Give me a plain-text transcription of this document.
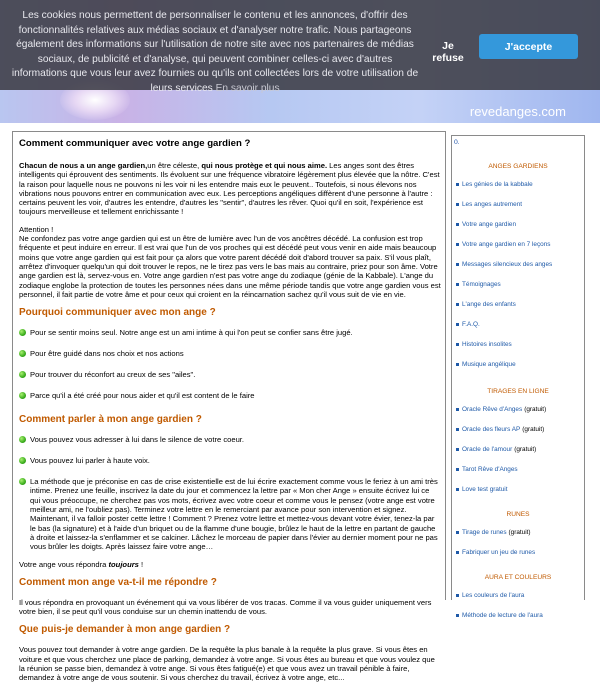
revedanges.com
Les cookies nous permettent de personnaliser le contenu et les annonces, d'offrir des fonctionnalités relatives aux médias sociaux et d'analyser notre trafic. Nous partageons également des informations sur l'utilisation de notre site avec nos partenaires de médias sociaux, de publicité et d'analyse, qui peuvent combiner celles-ci avec d'autres informations que vous leur avez fournies ou qu'ils ont collectées lors de votre utilisation de leurs services En savoir plus
Je refuse
J'accepte
Comment communiquer avec votre ange gardien ?
Chacun de nous a un ange gardien,un être céleste, qui nous protège et qui nous aime. Les anges sont des êtres intelligents qui éprouvent des sentiments. Ils évoluent sur une fréquence vibratoire légèrement plus élevée que la nôtre. C'est la raison pour laquelle nous ne pouvons ni les voir ni les entendre mais eux le peuvent.. Toutefois, si nous élevons nos vibrations nous pouvons entrer en communication avec eux. Les perceptions angéliques diffèrent d'une personne à l'autre : certains peuvent les voir, d'autres les entendre, d'autres les "sentir", d'autres les rêver. Quoi qu'il en soit, l'expérience est toujours merveilleuse et tellement enrichissante !
Attention !
Ne confondez pas votre ange gardien qui est un être de lumière avec l'un de vos ancêtres décédé. La confusion est trop fréquente et peut induire en erreur. Il est vrai que l'un de vos proches qui est décédé peut vous venir en aide mais beaucoup moins que votre ange gardien qui est fait pour ça alors que votre parent décédé doit d'abord trouver sa paix. S'il vous plaît, arrêtez d'invoquer quelqu'un qui doit trouver le repos, ne le tirez pas vers le bas mais au contraire, priez pour son âme. Votre ange gardien est là, servez-vous en. Votre ange gardien n'est pas votre ange du zodiaque (génie de la Kabbale). L'ange du zodiaque englobe la protection de toutes les personnes nées dans une même période tandis que votre ange gardien vous est personnel, il fait partie de votre âme et pour ceux qui croient en la réincarnation sachez qu'il vous suit de vie en vie.
Pourquoi communiquer avec mon ange ?
Pour se sentir moins seul. Notre ange est un ami intime à qui l'on peut se confier sans être jugé.
Pour être guidé dans nos choix et nos actions
Pour trouver du réconfort au creux de ses "ailes".
Parce qu'il a été créé pour nous aider et qu'il est content de le faire
Comment parler à mon ange gardien ?
Vous pouvez vous adresser à lui dans le silence de votre coeur.
Vous pouvez lui parler à haute voix.
La méthode que je préconise en cas de crise existentielle est de lui écrire exactement comme vous le feriez à un ami très intime. Prenez une feuille, inscrivez la date du jour et commencez la lettre par « Mon cher Ange » ensuite écrivez lui ce qui vous préoccupe, ne cherchez pas vos mots, écrivez avec votre coeur et comme vous le pensez (votre ange est votre meilleur ami, ne l'oubliez pas). Terminez votre lettre en le remerciant par avance pour son intervention et signez. Maintenant, il va falloir poster cette lettre ! Comment ? Prenez votre lettre et mettez-vous devant votre évier, tenez-la par le bas (la signature) et à l'aide d'un briquet ou de la flamme d'une bougie, brûlez le haut de la lettre en partant de gauche à droite et laissez-la s'enflammer et se calciner. Lâchez le morceau de papier dans l'évier au dernier moment pour ne pas vous brûler les doigts. Après laissez faire votre ange…
Votre ange vous répondra toujours !
Comment mon ange va-t-il me répondre ?
Il vous répondra en provoquant un événement qui va vous libérer de vos tracas. Comme il va vous guider uniquement vers votre bien, il se peut qu'il vous conduise sur un chemin inattendu de vous.
Que puis-je demander à mon ange gardien ?
Vous pouvez tout demander à votre ange gardien. De la requête la plus banale à la requête la plus grave. Si vous êtes en voiture et que vous cherchez une place de parking, demandez à votre ange. Si vous êtes au bureau et que vous voulez que la réunion se passe bien, demandez à votre ange. Si vous êtes fatigué(e) et que vous avez un travail pénible à faire, demandez à votre ange de vous soutenir. Si vous cherchez du travail, écrivez à votre ange, etc...
0.
ANGES GARDIENS
Les génies de la kabbale
Les anges autrement
Votre ange gardien
Votre ange gardien en 7 leçons
Messages silencieux des anges
Témoignages
L'ange des enfants
F.A.Q.
Histoires insolites
Musique angélique
TIRAGES EN LIGNE
Oracle Rêve d'Anges (gratuit)
Oracle des fleurs AP (gratuit)
Oracle de l'amour (gratuit)
Tarot Rêve d'Anges
Love test gratuit
RUNES
Tirage de runes (gratuit)
Fabriquer un jeu de runes
AURA ET COULEURS
Les couleurs de l'aura
Méthode de lecture de l'aura
